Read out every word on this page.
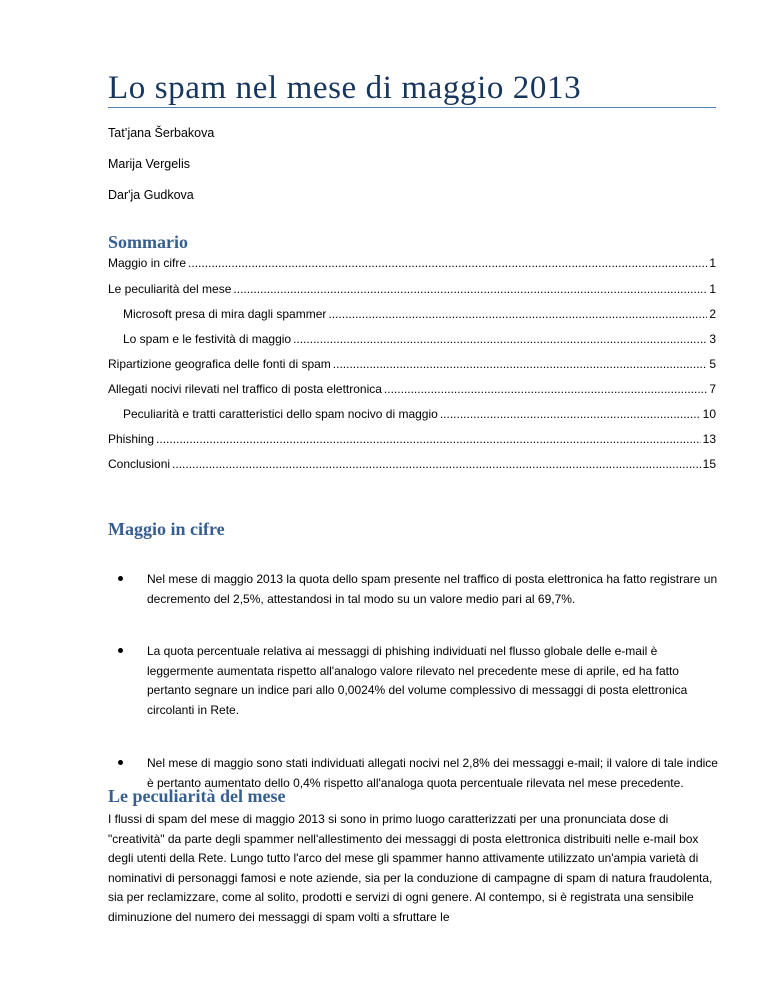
Lo spam nel mese di maggio 2013
Tat’jana Šerbakova
Marija Vergelis
Dar'ja Gudkova
Sommario
Maggio in cifre .....	1
Le peculiarità del mese .....	1
Microsoft presa di mira dagli spammer .....	2
Lo spam e le festività di maggio .....	3
Ripartizione geografica delle fonti di spam .....	5
Allegati nocivi rilevati nel traffico di posta elettronica .....	7
Peculiarità e tratti caratteristici dello spam nocivo di maggio .....	10
Phishing .....	13
Conclusioni .....	15
Maggio in cifre
Nel mese di maggio 2013 la quota dello spam presente nel traffico di posta elettronica ha fatto registrare un decremento del 2,5%, attestandosi in tal modo su un valore medio pari al 69,7%.
La quota percentuale relativa ai messaggi di phishing individuati nel flusso globale delle e-mail è leggermente aumentata rispetto all'analogo valore rilevato nel precedente mese di aprile, ed ha fatto pertanto segnare un indice pari allo 0,0024% del volume complessivo di messaggi di posta elettronica circolanti in Rete.
Nel mese di maggio sono stati individuati allegati nocivi nel 2,8% dei messaggi e-mail; il valore di tale indice è pertanto aumentato dello 0,4% rispetto all'analoga quota percentuale rilevata nel mese precedente.
Le peculiarità del mese
I flussi di spam del mese di maggio 2013 si sono in primo luogo caratterizzati per una pronunciata dose di "creatività" da parte degli spammer nell'allestimento dei messaggi di posta elettronica distribuiti nelle e-mail box degli utenti della Rete. Lungo tutto l'arco del mese gli spammer hanno attivamente utilizzato un'ampia varietà di nominativi di personaggi famosi e note aziende, sia per la conduzione di campagne di spam di natura fraudolenta, sia per reclamizzare, come al solito, prodotti e servizi di ogni genere. Al contempo, si è registrata una sensibile diminuzione del numero dei messaggi di spam volti a sfruttare le
